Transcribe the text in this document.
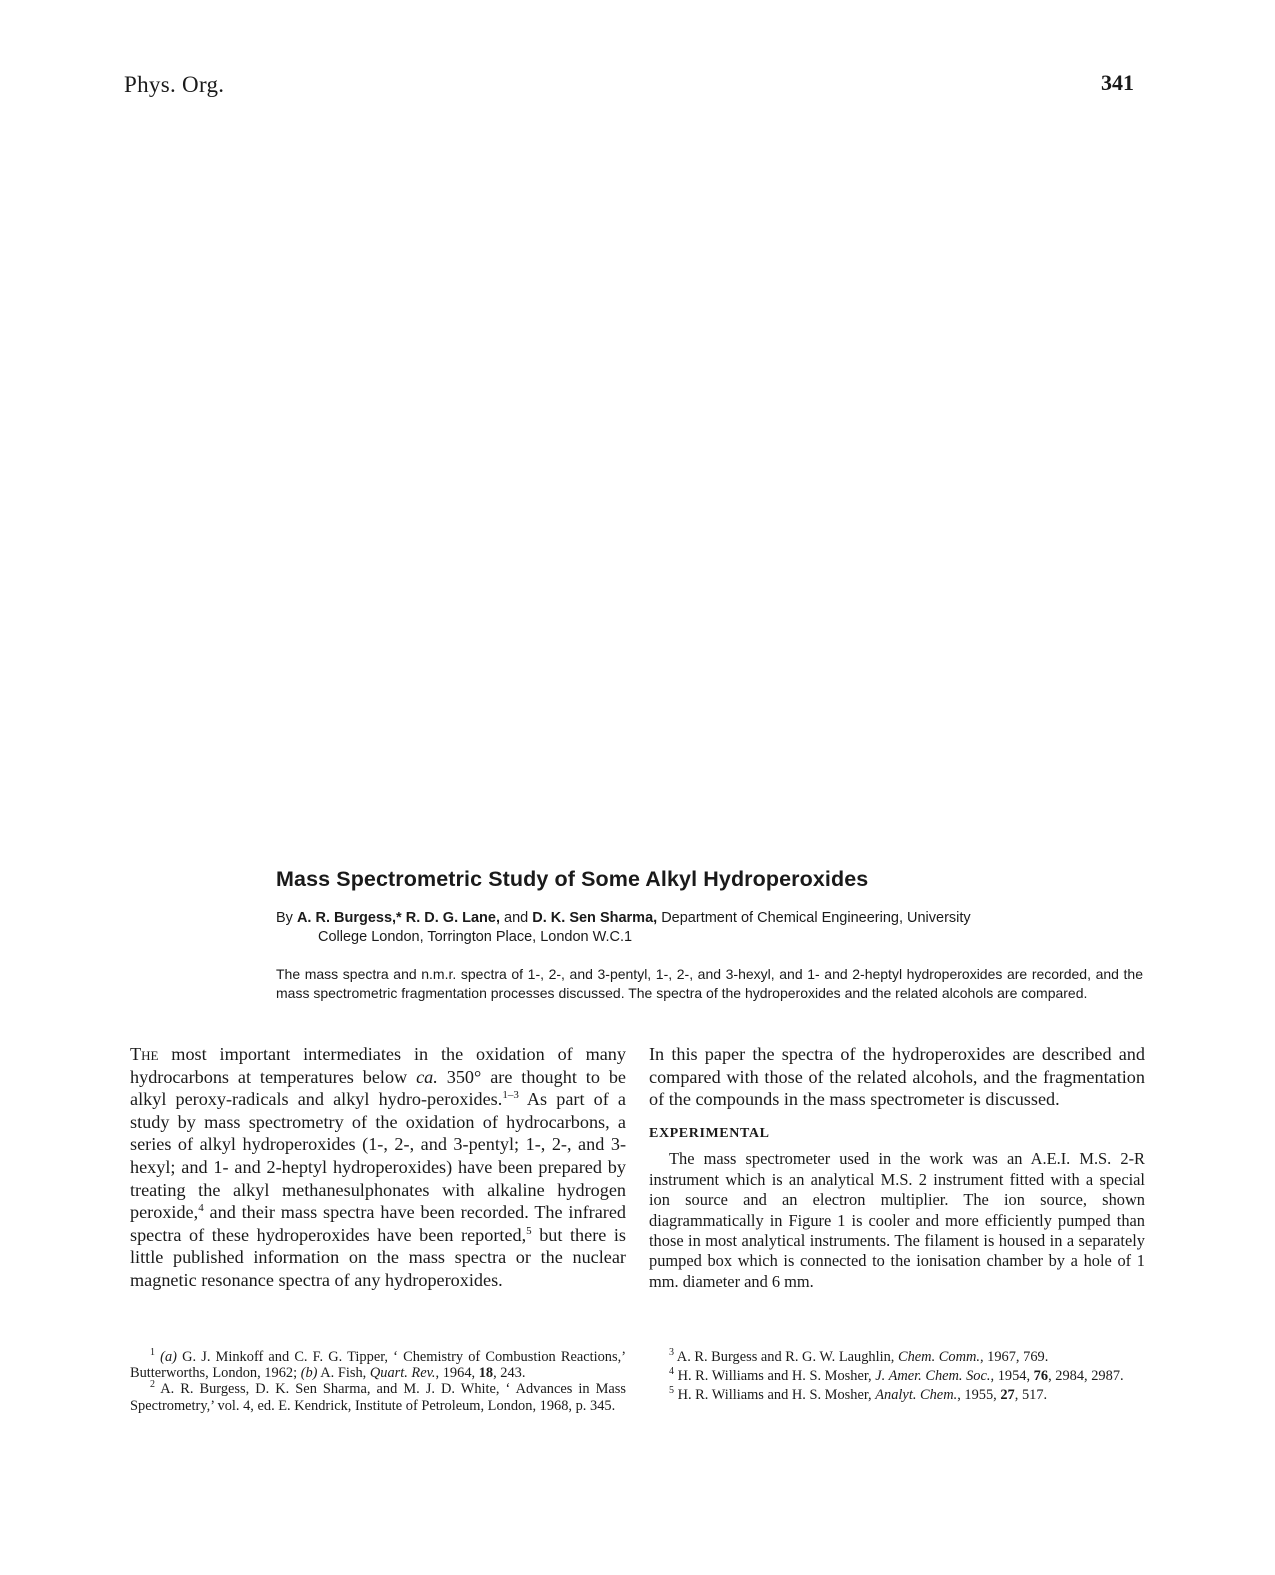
Phys. Org.	341
Mass Spectrometric Study of Some Alkyl Hydroperoxides
By A. R. Burgess,* R. D. G. Lane, and D. K. Sen Sharma, Department of Chemical Engineering, University
College London, Torrington Place, London W.C.1

The mass spectra and n.m.r. spectra of 1-, 2-, and 3-pentyl, 1-, 2-, and 3-hexyl, and 1- and 2-heptyl hydroperoxides are recorded, and the mass spectrometric fragmentation processes discussed. The spectra of the hydroperoxides and the related alcohols are compared.

The most important intermediates in the oxidation of many hydrocarbons at temperatures below ca. 350° are thought to be alkyl peroxy-radicals and alkyl hydro-peroxides.$^{1-3}$ As part of a study by mass spectrometry of the oxidation of hydrocarbons, a series of alkyl hydroperoxides (1-, 2-, and 3-pentyl; 1-, 2-, and 3-hexyl; and 1- and 2-heptyl hydroperoxides) have been prepared by treating the alkyl methanesulphonates with alkaline hydrogen peroxide,$^4$ and their mass spectra have been recorded. The infrared spectra of these hydroperoxides have been reported,$^5$ but there is little published information on the mass spectra or the nuclear magnetic resonance spectra of any hydroperoxides.

In this paper the spectra of the hydroperoxides are described and compared with those of the related alcohols, and the fragmentation of the compounds in the mass spectrometer is discussed.

EXPERIMENTAL

The mass spectrometer used in the work was an A.E.I. M.S. 2-R instrument which is an analytical M.S. 2 instrument fitted with a special ion source and an electron multiplier. The ion source, shown diagrammatically in Figure 1 is cooler and more efficiently pumped than those in most analytical instruments. The filament is housed in a separately pumped box which is connected to the ionisation chamber by a hole of 1 mm. diameter and 6 mm.

$^1$ (a) G. J. Minkoff and C. F. G. Tipper, ‘ Chemistry of Combustion Reactions,’ Butterworths, London, 1962; (b) A. Fish, Quart. Rev., 1964, 18, 243.

$^2$ A. R. Burgess, D. K. Sen Sharma, and M. J. D. White, ‘ Advances in Mass Spectrometry,’ vol. 4, ed. E. Kendrick, Institute of Petroleum, London, 1968, p. 345.

$^3$ A. R. Burgess and R. G. W. Laughlin, Chem. Comm., 1967, 769.

$^4$ H. R. Williams and H. S. Mosher, J. Amer. Chem. Soc., 1954, 76, 2984, 2987.

$^5$ H. R. Williams and H. S. Mosher, Analyt. Chem., 1955, 27, 517.
